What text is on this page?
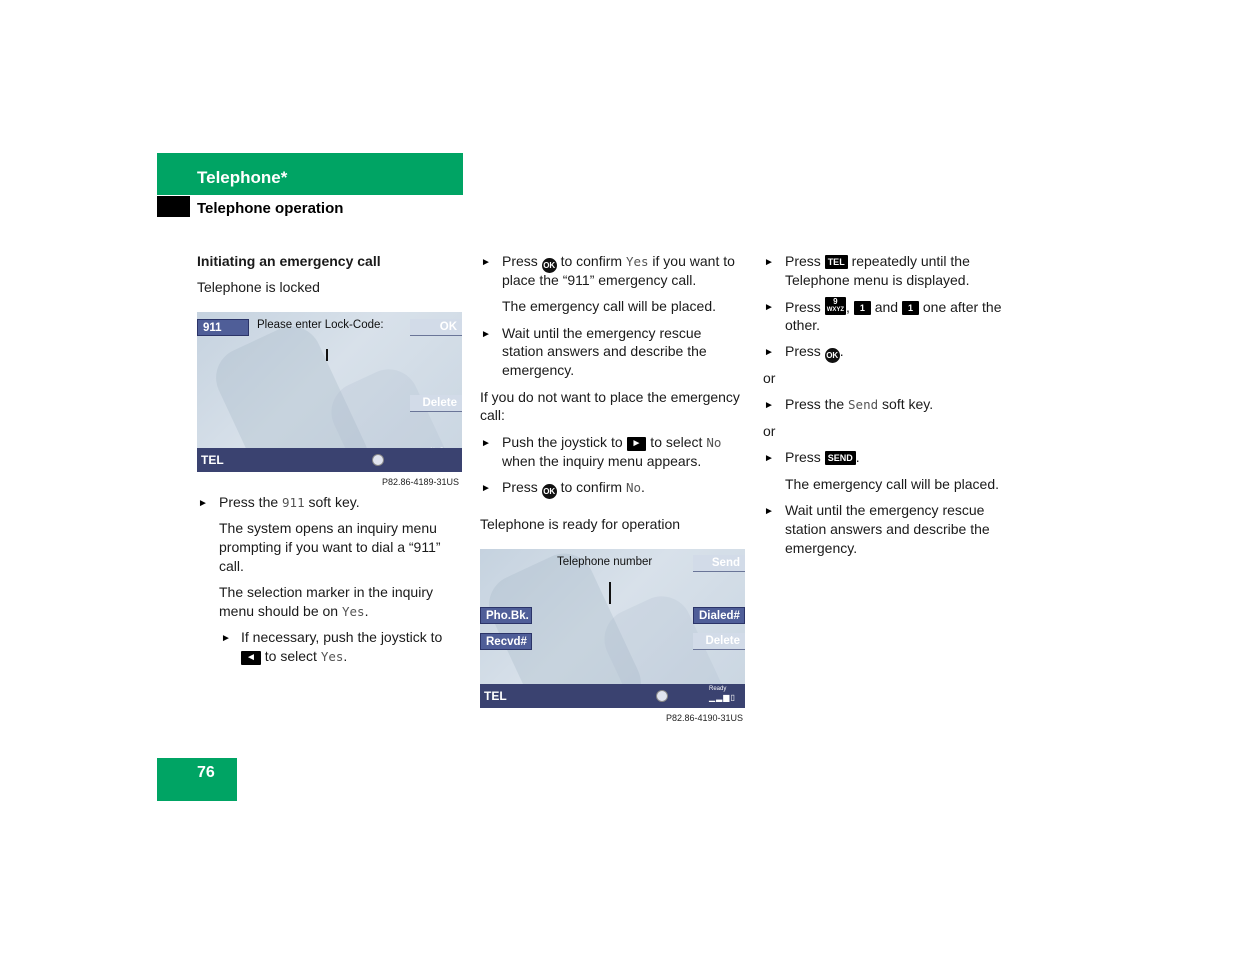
Telephone*
Telephone operation
Initiating an emergency call
Telephone is locked
911	Please enter Lock-Code:	OK
Delete
TEL
P82.86-4189-31US
► Press the 911 soft key.
The system opens an inquiry menu prompting if you want to dial a “911” call.
The selection marker in the inquiry menu should be on Yes.
► If necessary, push the joystick to
◄ to select Yes.
► Press OK to confirm Yes if you want to
place the “911” emergency call.
The emergency call will be placed.
► Wait until the emergency rescue
station answers and describe the
emergency.
If you do not want to place the emergency
call:
► Push the joystick to ► to select No
when the inquiry menu appears.
► Press OK to confirm No.
Telephone is ready for operation
Telephone number	Send
Pho.Bk.	Dialed#
Recvd#	Delete
TEL	Ready
▁▂▆▯
P82.86-4190-31US
► Press TEL repeatedly until the
Telephone menu is displayed.
► Press 9
WXYZ , 1 and 1 one after the
other.
► Press OK .
or
► Press the Send soft key.
or
► Press SEND .
The emergency call will be placed.
► Wait until the emergency rescue
station answers and describe the
emergency.
76
